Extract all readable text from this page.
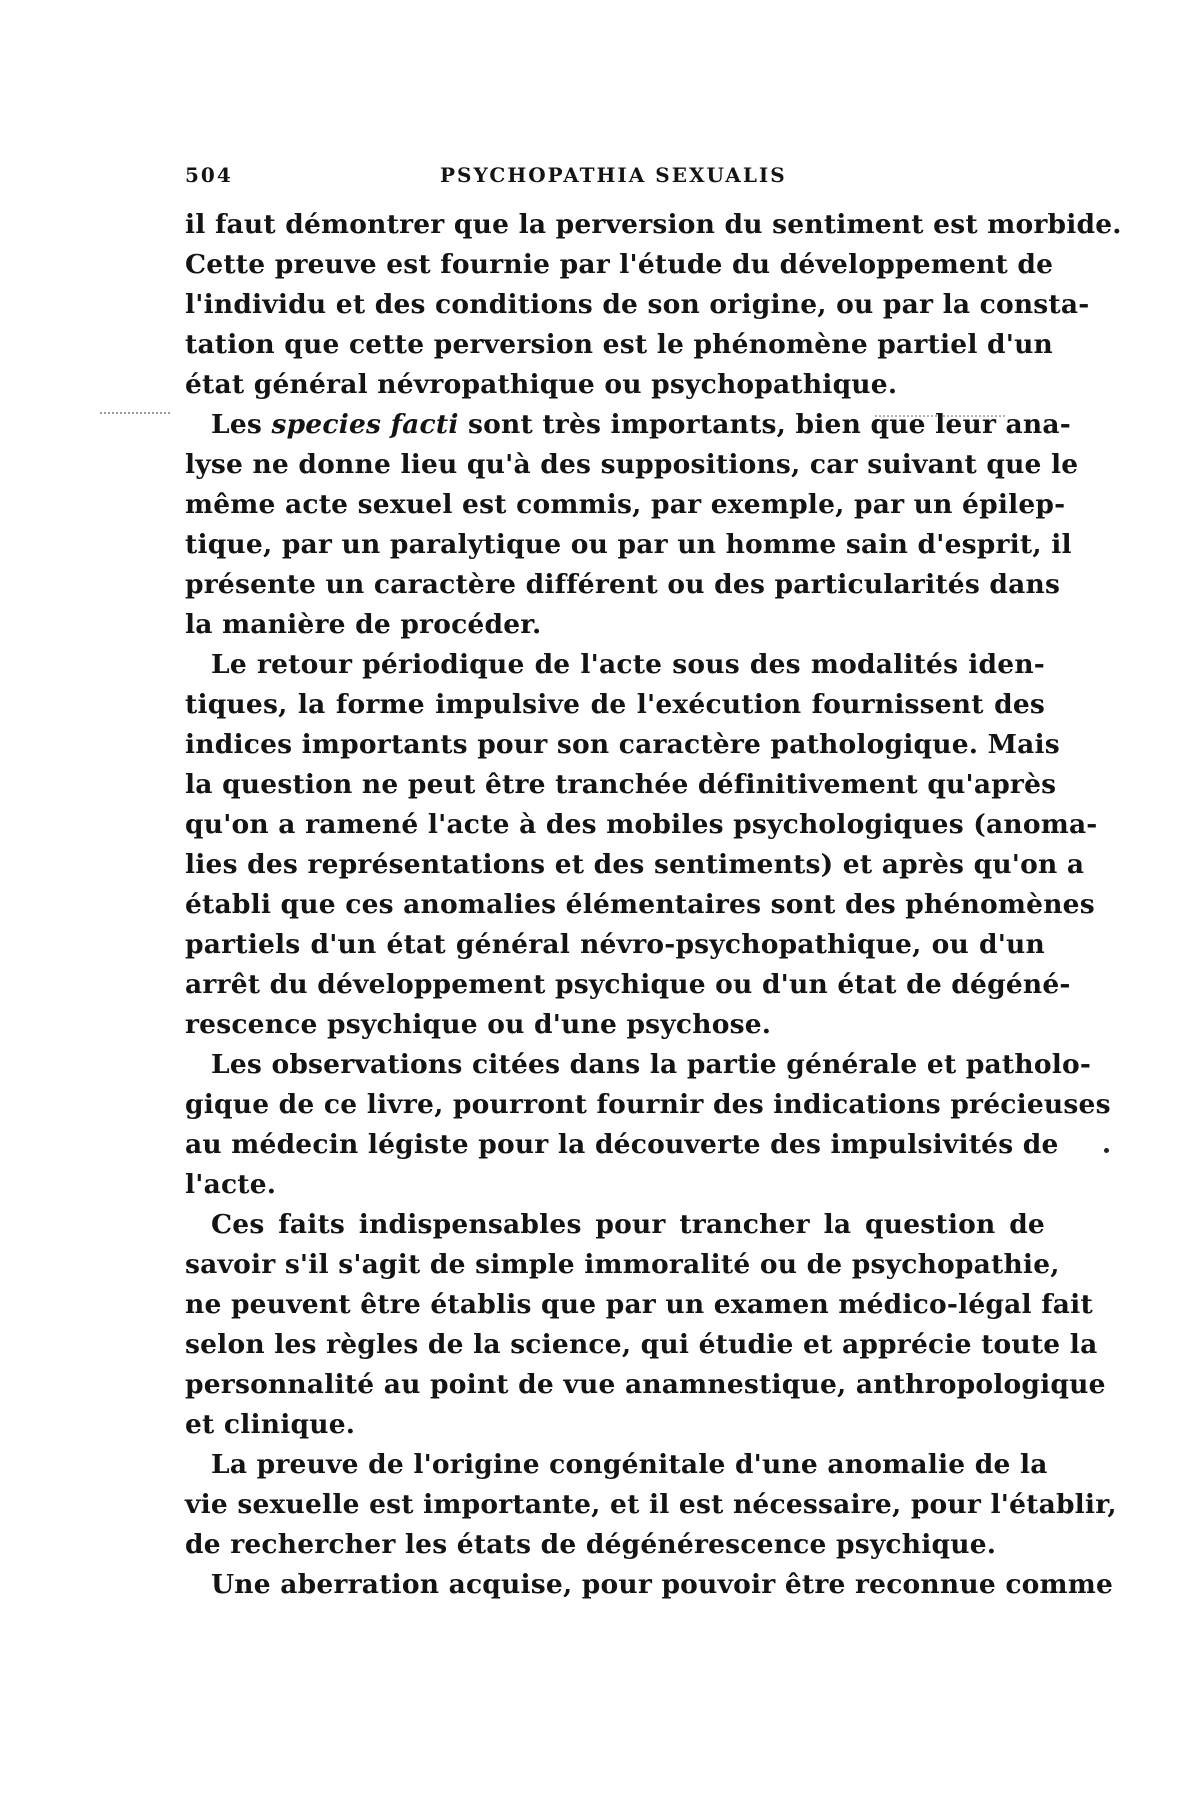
504	PSYCHOPATHIA SEXUALIS
il faut démontrer que la perversion du sentiment est morbide.
Cette preuve est fournie par l'étude du développement de
l'individu et des conditions de son origine, ou par la consta-
tation que cette perversion est le phénomène partiel d'un
état général névropathique ou psychopathique.
Les species facti sont très importants, bien que leur ana-
lyse ne donne lieu qu'à des suppositions, car suivant que le
même acte sexuel est commis, par exemple, par un épilep-
tique, par un paralytique ou par un homme sain d'esprit, il
présente un caractère différent ou des particularités dans
la manière de procéder.
Le retour périodique de l'acte sous des modalités iden-
tiques, la forme impulsive de l'exécution fournissent des
indices importants pour son caractère pathologique. Mais
la question ne peut être tranchée définitivement qu'après
qu'on a ramené l'acte à des mobiles psychologiques (anoma-
lies des représentations et des sentiments) et après qu'on a
établi que ces anomalies élémentaires sont des phénomènes
partiels d'un état général névro-psychopathique, ou d'un
arrêt du développement psychique ou d'un état de dégéné-
rescence psychique ou d'une psychose.
Les observations citées dans la partie générale et patholo-
gique de ce livre, pourront fournir des indications précieuses
au médecin légiste pour la découverte des impulsivités de
l'acte.
Ces faits indispensables pour trancher la question de
savoir s'il s'agit de simple immoralité ou de psychopathie,
ne peuvent être établis que par un examen médico-légal fait
selon les règles de la science, qui étudie et apprécie toute la
personnalité au point de vue anamnestique, anthropologique
et clinique.
La preuve de l'origine congénitale d'une anomalie de la
vie sexuelle est importante, et il est nécessaire, pour l'établir,
de rechercher les états de dégénérescence psychique.
Une aberration acquise, pour pouvoir être reconnue comme
